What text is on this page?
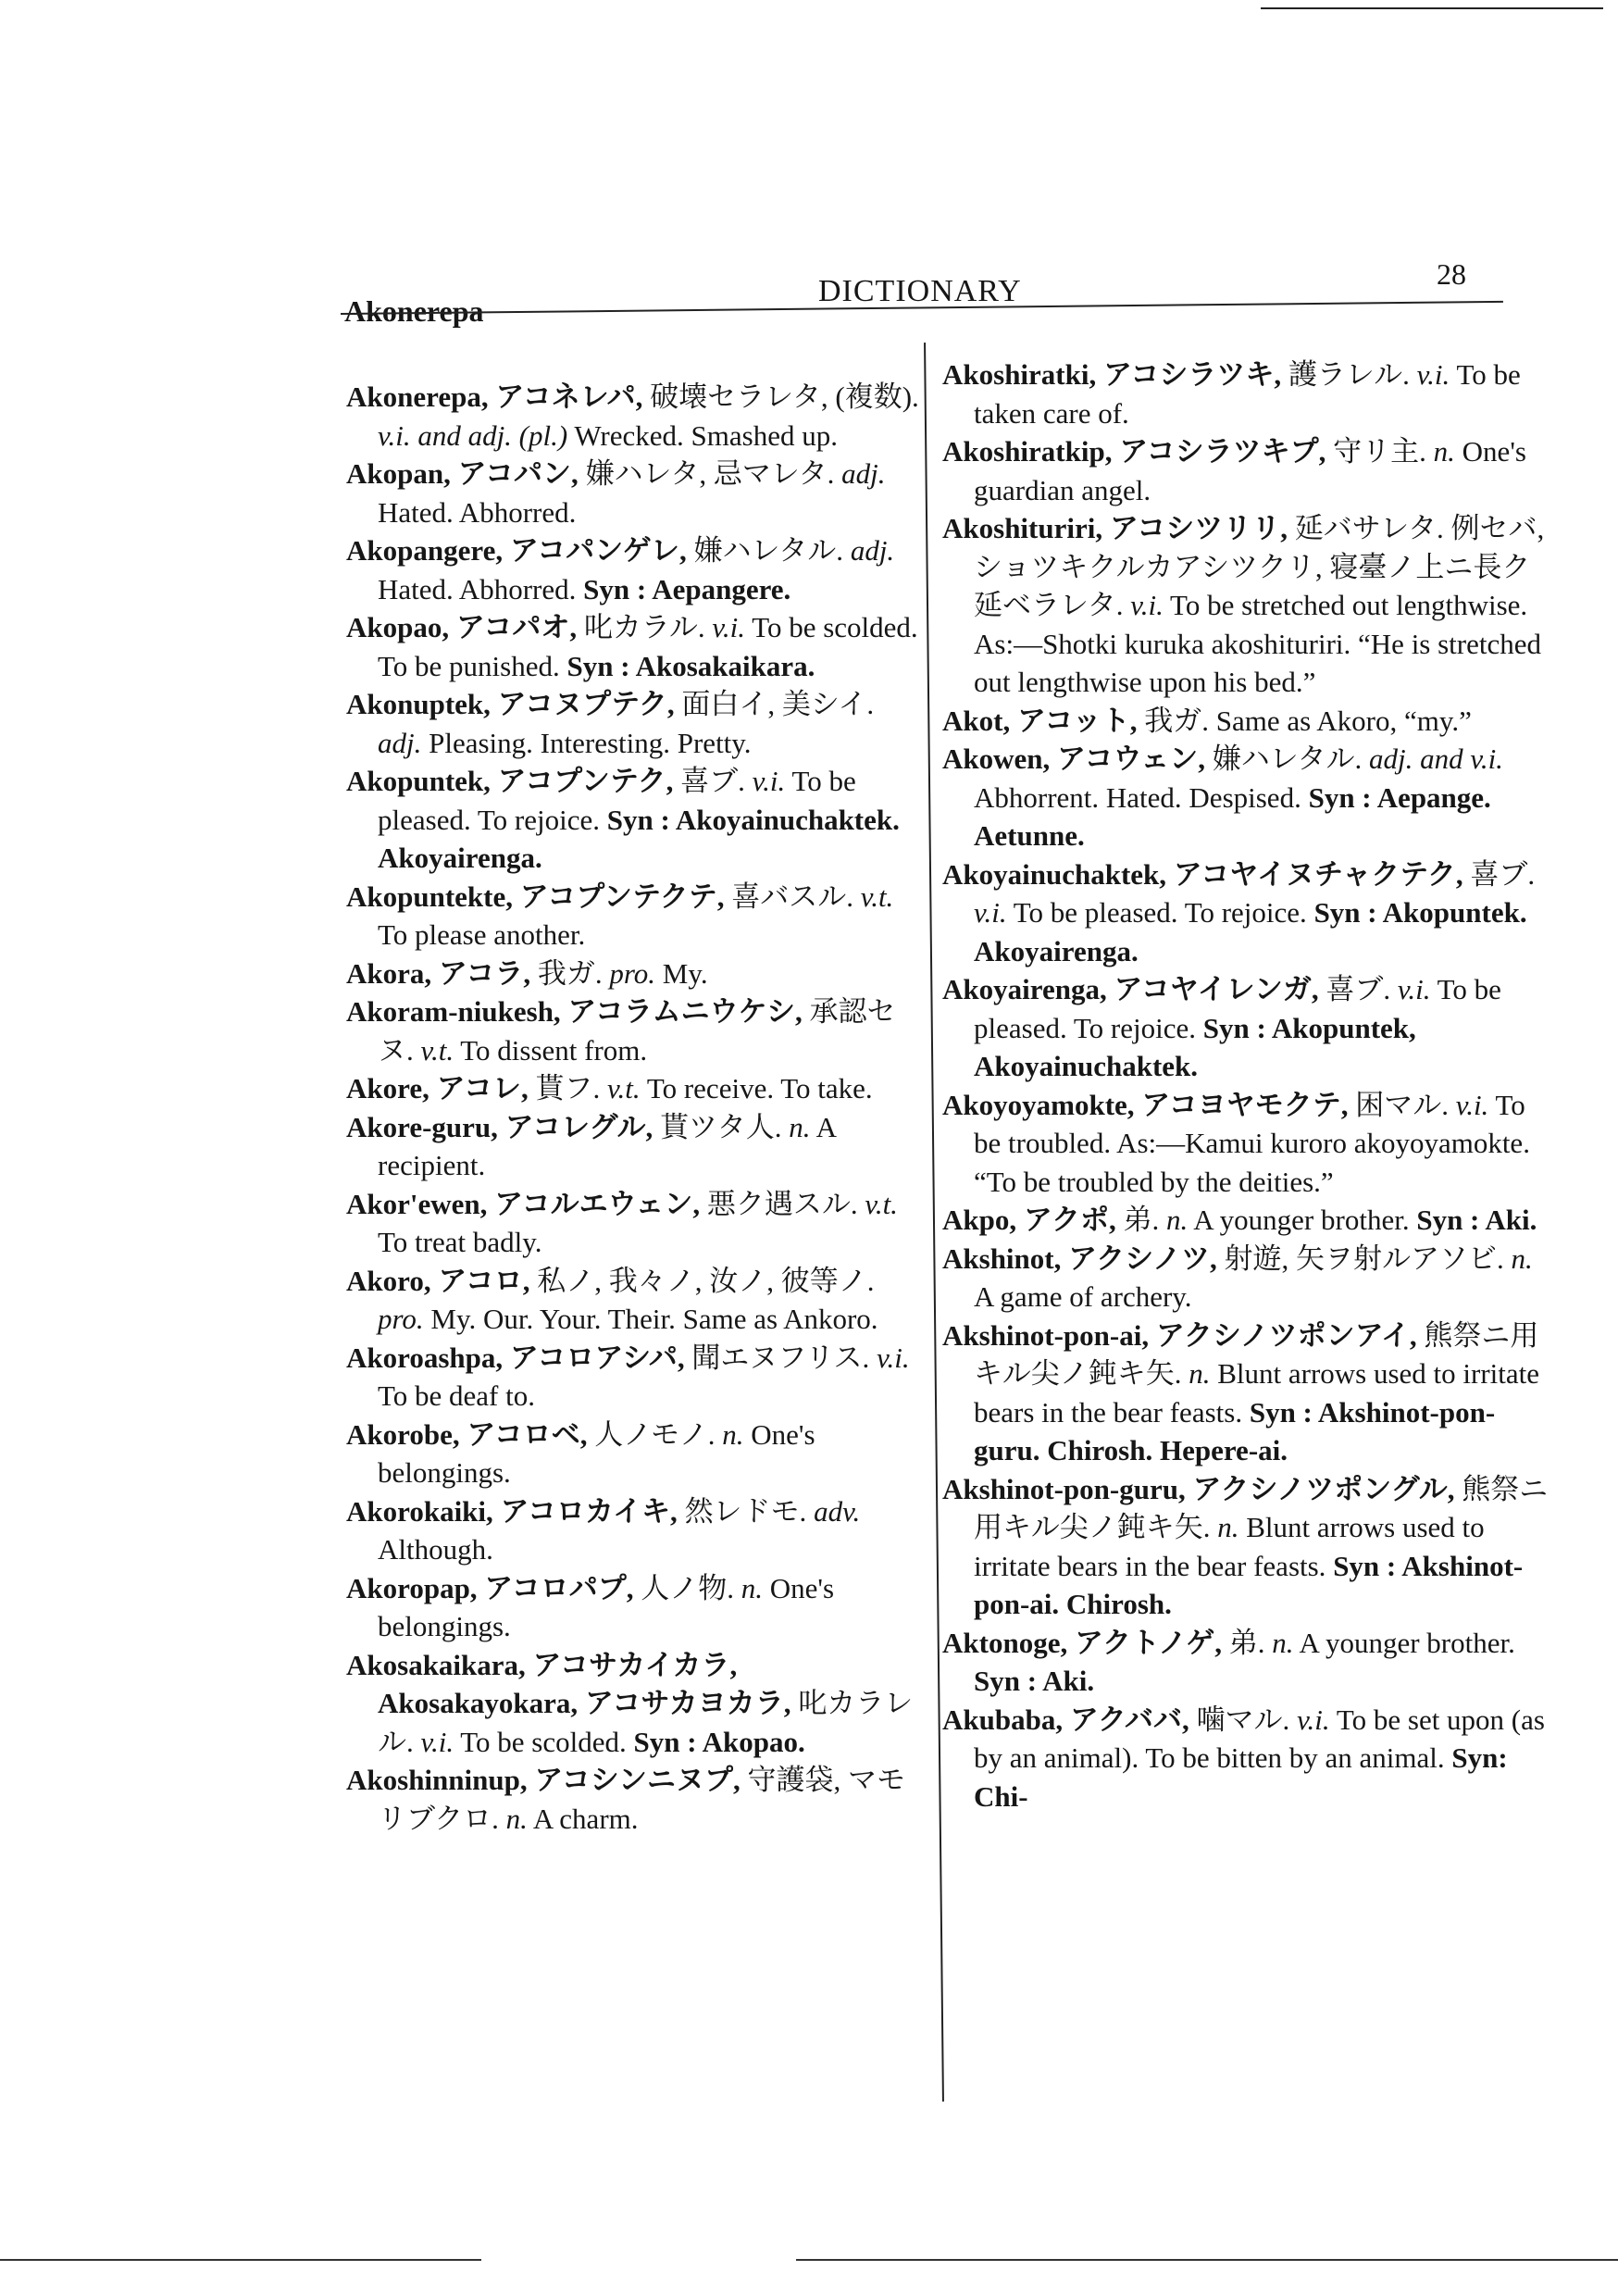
Akonerepa
DICTIONARY	28

Akonerepa, アコネレパ, 破壊セラレタ, (複数). v.i. and adj. (pl.) Wrecked. Smashed up.

Akopan, アコパン, 嫌ハレタ, 忌マレタ. adj. Hated. Abhorred.

Akopangere, アコパンゲレ, 嫌ハレタル. adj. Hated. Abhorred. Syn : Aepangere.

Akopao, アコパオ, 叱カラル. v.i. To be scolded. To be punished. Syn : Akosakaikara.

Akonuptek, アコヌプテク, 面白イ, 美シイ. adj. Pleasing. Interesting. Pretty.

Akopuntek, アコプンテク, 喜ブ. v.i. To be pleased. To rejoice. Syn : Akoyainuchaktek. Akoyairenga.

Akopuntekte, アコプンテクテ, 喜バスル. v.t. To please another.

Akora, アコラ, 我ガ. pro. My.

Akoram-niukesh, アコラムニウケシ, 承認セヌ. v.t. To dissent from.

Akore, アコレ, 貰フ. v.t. To receive. To take.

Akore-guru, アコレグル, 貰ツタ人. n. A recipient.

Akor'ewen, アコルエウェン, 悪ク遇スル. v.t. To treat badly.

Akoro, アコロ, 私ノ, 我々ノ, 汝ノ, 彼等ノ. pro. My. Our. Your. Their. Same as Ankoro.

Akoroashpa, アコロアシパ, 聞エヌフリス. v.i. To be deaf to.

Akorobe, アコロベ, 人ノモノ. n. One's belongings.

Akorokaiki, アコロカイキ, 然レドモ. adv. Although.

Akoropap, アコロパプ, 人ノ物. n. One's belongings.

Akosakaikara, アコサカイカラ, Akosakayokara, アコサカヨカラ, 叱カラレル. v.i. To be scolded. Syn : Akopao.

Akoshinninup, アコシンニヌプ, 守護袋, マモリブクロ. n. A charm.

Akoshiratki, アコシラツキ, 護ラレル. v.i. To be taken care of.

Akoshiratkip, アコシラツキプ, 守リ主. n. One's guardian angel.

Akoshituriri, アコシツリリ, 延バサレタ. 例セバ, ショツキクルカアシツクリ, 寝臺ノ上ニ長ク延ベラレタ. v.i. To be stretched out lengthwise. As:—Shotki kuruka akoshituriri. “He is stretched out lengthwise upon his bed.”

Akot, アコット, 我ガ. Same as Akoro, “my.”

Akowen, アコウェン, 嫌ハレタル. adj. and v.i. Abhorrent. Hated. Despised. Syn : Aepange. Aetunne.

Akoyainuchaktek, アコヤイヌチャクテク, 喜ブ. v.i. To be pleased. To rejoice. Syn : Akopuntek. Akoyairenga.

Akoyairenga, アコヤイレンガ, 喜ブ. v.i. To be pleased. To rejoice. Syn : Akopuntek, Akoyainuchaktek.

Akoyoyamokte, アコヨヤモクテ, 困マル. v.i. To be troubled. As:—Kamui kuroro akoyoyamokte. “To be troubled by the deities.”

Akpo, アクポ, 弟. n. A younger brother. Syn : Aki.

Akshinot, アクシノツ, 射遊, 矢ヲ射ルアソビ. n. A game of archery.

Akshinot-pon-ai, アクシノツポンアイ, 熊祭ニ用キル尖ノ鈍キ矢. n. Blunt arrows used to irritate bears in the bear feasts. Syn : Akshinot-pon-guru. Chirosh. Hepere-ai.

Akshinot-pon-guru, アクシノツポングル, 熊祭ニ用キル尖ノ鈍キ矢. n. Blunt arrows used to irritate bears in the bear feasts. Syn : Akshinot-pon-ai. Chirosh.

Aktonoge, アクトノゲ, 弟. n. A younger brother. Syn : Aki.

Akubaba, アクババ, 噛マル. v.i. To be set upon (as by an animal). To be bitten by an animal. Syn: Chi-
